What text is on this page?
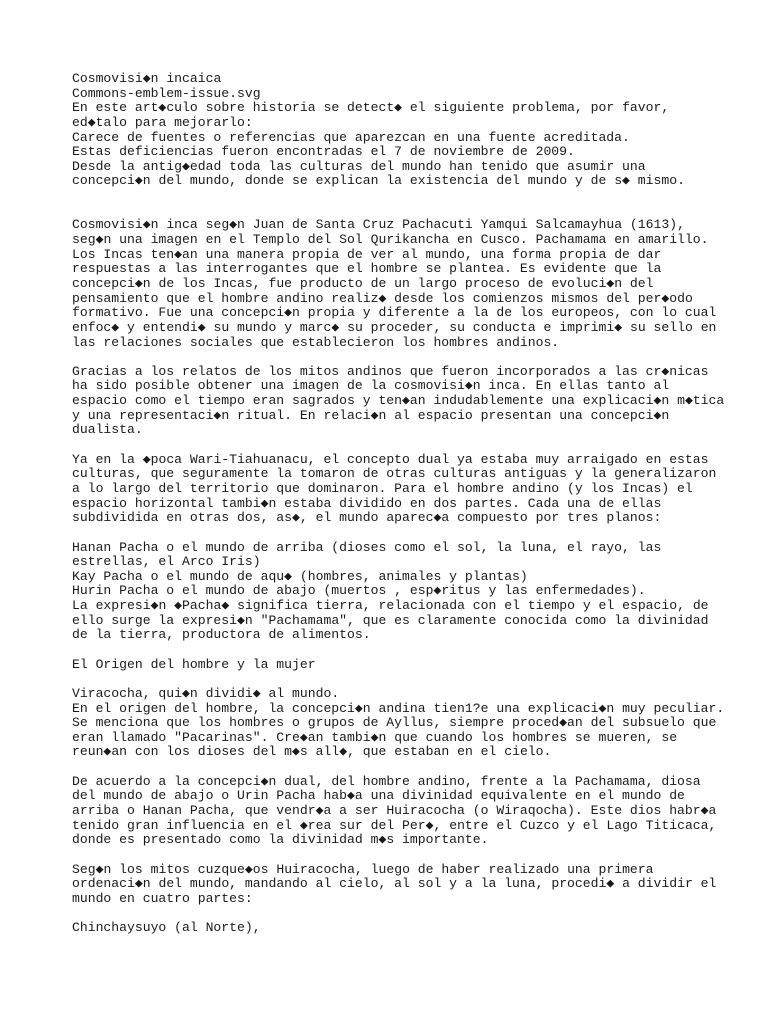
Cosmovisi◆n incaica
Commons-emblem-issue.svg
En este art◆culo sobre historia se detect◆ el siguiente problema, por favor,
ed◆talo para mejorarlo:
Carece de fuentes o referencias que aparezcan en una fuente acreditada.
Estas deficiencias fueron encontradas el 7 de noviembre de 2009.
Desde la antig◆edad toda las culturas del mundo han tenido que asumir una
concepci◆n del mundo, donde se explican la existencia del mundo y de s◆ mismo.
Cosmovisi◆n inca seg◆n Juan de Santa Cruz Pachacuti Yamqui Salcamayhua (1613),
seg◆n una imagen en el Templo del Sol Qurikancha en Cusco. Pachamama en amarillo.
Los Incas ten◆an una manera propia de ver al mundo, una forma propia de dar
respuestas a las interrogantes que el hombre se plantea. Es evidente que la
concepci◆n de los Incas, fue producto de un largo proceso de evoluci◆n del
pensamiento que el hombre andino realiz◆ desde los comienzos mismos del per◆odo
formativo. Fue una concepci◆n propia y diferente a la de los europeos, con lo cual
enfoc◆ y entendi◆ su mundo y marc◆ su proceder, su conducta e imprimi◆ su sello en
las relaciones sociales que establecieron los hombres andinos.
Gracias a los relatos de los mitos andinos que fueron incorporados a las cr◆nicas
ha sido posible obtener una imagen de la cosmovisi◆n inca. En ellas tanto al
espacio como el tiempo eran sagrados y ten◆an indudablemente una explicaci◆n m◆tica
y una representaci◆n ritual. En relaci◆n al espacio presentan una concepci◆n
dualista.
Ya en la ◆poca Wari-Tiahuanacu, el concepto dual ya estaba muy arraigado en estas
culturas, que seguramente la tomaron de otras culturas antiguas y la generalizaron
a lo largo del territorio que dominaron. Para el hombre andino (y los Incas) el
espacio horizontal tambi◆n estaba dividido en dos partes. Cada una de ellas
subdividida en otras dos, as◆, el mundo aparec◆a compuesto por tres planos:
Hanan Pacha o el mundo de arriba (dioses como el sol, la luna, el rayo, las
estrellas, el Arco Iris)
Kay Pacha o el mundo de aqu◆ (hombres, animales y plantas)
Hurin Pacha o el mundo de abajo (muertos , esp◆ritus y las enfermedades).
La expresi◆n ◆Pacha◆ significa tierra, relacionada con el tiempo y el espacio, de
ello surge la expresi◆n "Pachamama", que es claramente conocida como la divinidad
de la tierra, productora de alimentos.
El Origen del hombre y la mujer
Viracocha, qui◆n dividi◆ al mundo.
En el origen del hombre, la concepci◆n andina tien1?e una explicaci◆n muy peculiar.
Se menciona que los hombres o grupos de Ayllus, siempre proced◆an del subsuelo que
eran llamado "Pacarinas". Cre◆an tambi◆n que cuando los hombres se mueren, se
reun◆an con los dioses del m◆s all◆, que estaban en el cielo.
De acuerdo a la concepci◆n dual, del hombre andino, frente a la Pachamama, diosa
del mundo de abajo o Urin Pacha hab◆a una divinidad equivalente en el mundo de
arriba o Hanan Pacha, que vendr◆a a ser Huiracocha (o Wiraqocha). Este dios habr◆a
tenido gran influencia en el ◆rea sur del Per◆, entre el Cuzco y el Lago Titicaca,
donde es presentado como la divinidad m◆s importante.
Seg◆n los mitos cuzque◆os Huiracocha, luego de haber realizado una primera
ordenaci◆n del mundo, mandando al cielo, al sol y a la luna, procedi◆ a dividir el
mundo en cuatro partes:
Chinchaysuyo (al Norte),
